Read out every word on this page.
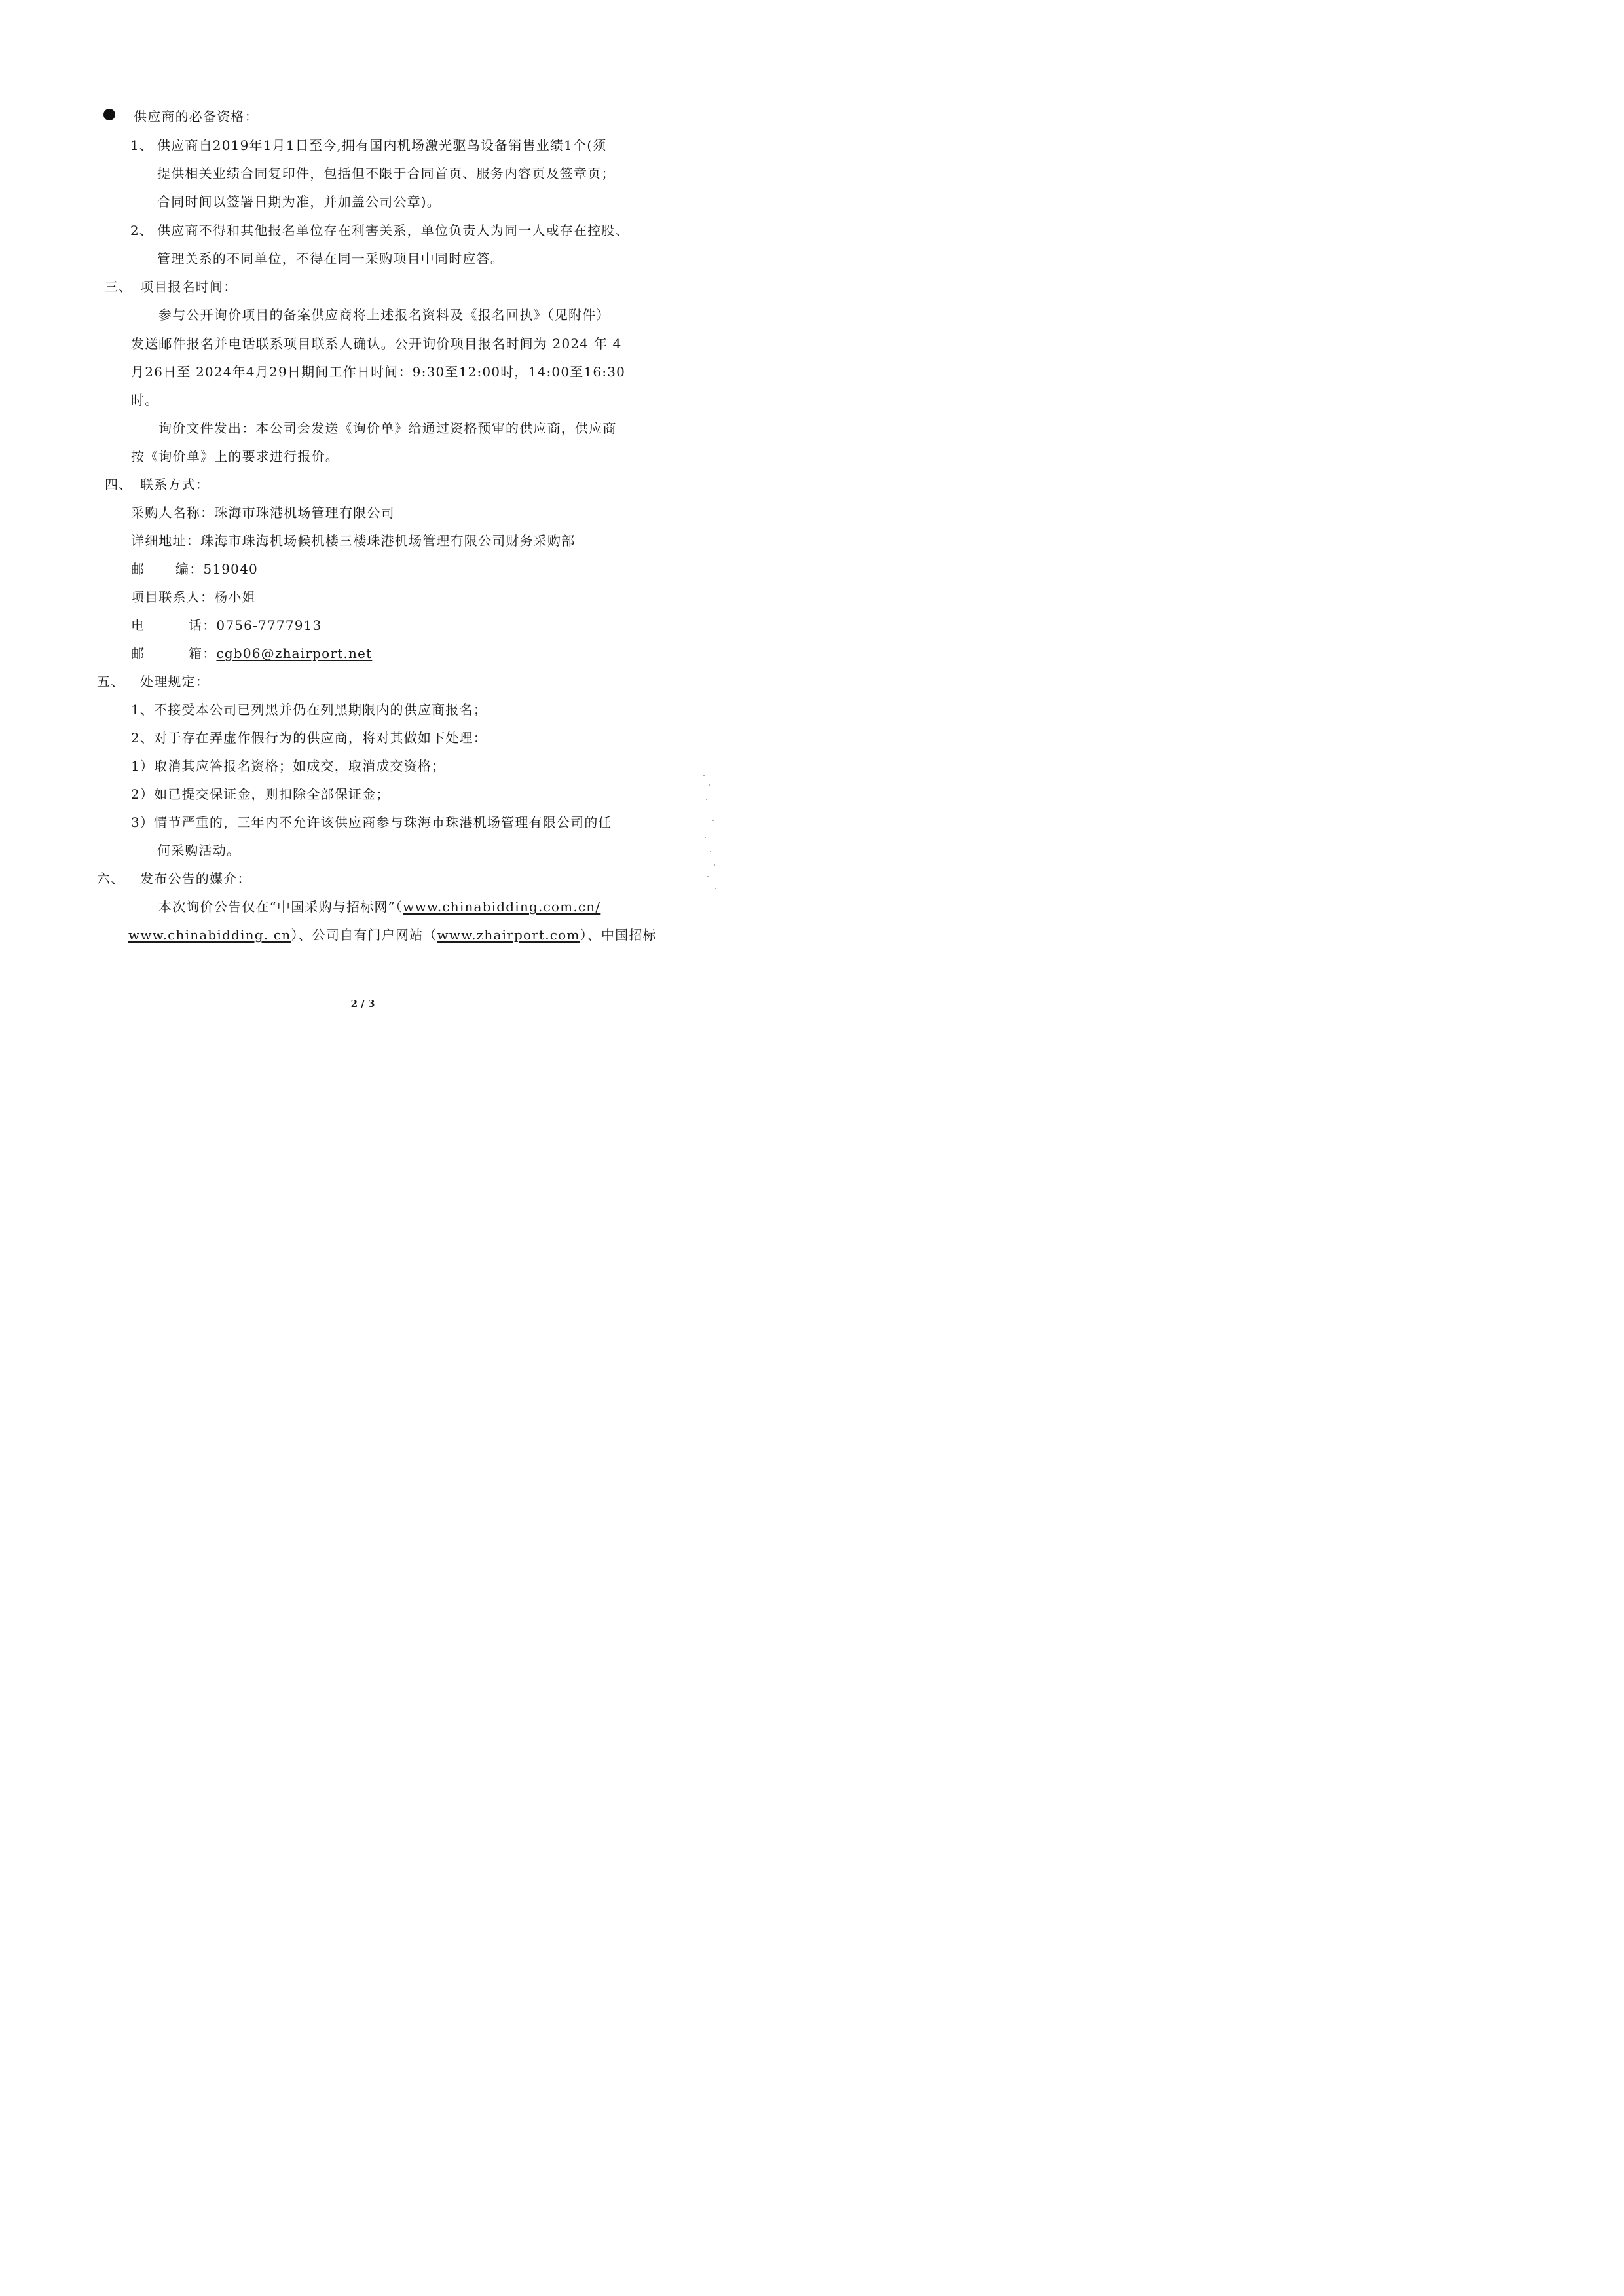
供应商的必备资格：
1、 供应商自2019年1月1日至今,拥有国内机场激光驱鸟设备销售业绩1个(须
提供相关业绩合同复印件，包括但不限于合同首页、服务内容页及签章页；
合同时间以签署日期为准，并加盖公司公章)。
2、 供应商不得和其他报名单位存在利害关系，单位负责人为同一人或存在控股、
管理关系的不同单位，不得在同一采购项目中同时应答。
三、 项目报名时间：
参与公开询价项目的备案供应商将上述报名资料及《报名回执》（见附件）
发送邮件报名并电话联系项目联系人确认。公开询价项目报名时间为 2024 年 4
月26日至 2024年4月29日期间工作日时间：9:30至12:00时，14:00至16:30
时。
询价文件发出：本公司会发送《询价单》给通过资格预审的供应商，供应商
按《询价单》上的要求进行报价。
四、 联系方式：
采购人名称：珠海市珠港机场管理有限公司
详细地址：珠海市珠海机场候机楼三楼珠港机场管理有限公司财务采购部
邮 编：519040
项目联系人：杨小姐
电	话：0756-7777913
邮	箱：cgb06@zhairport.net
五、 处理规定：
1、不接受本公司已列黑并仍在列黑期限内的供应商报名；
2、对于存在弄虚作假行为的供应商，将对其做如下处理：
1）取消其应答报名资格；如成交，取消成交资格；
2）如已提交保证金，则扣除全部保证金；
3）情节严重的，三年内不允许该供应商参与珠海市珠港机场管理有限公司的任
何采购活动。
六、 发布公告的媒介：
本次询价公告仅在“中国采购与招标网”（www.chinabidding.com.cn/
www.chinabidding. cn）、公司自有门户网站（www.zhairport.com）、中国招标
2 / 3
